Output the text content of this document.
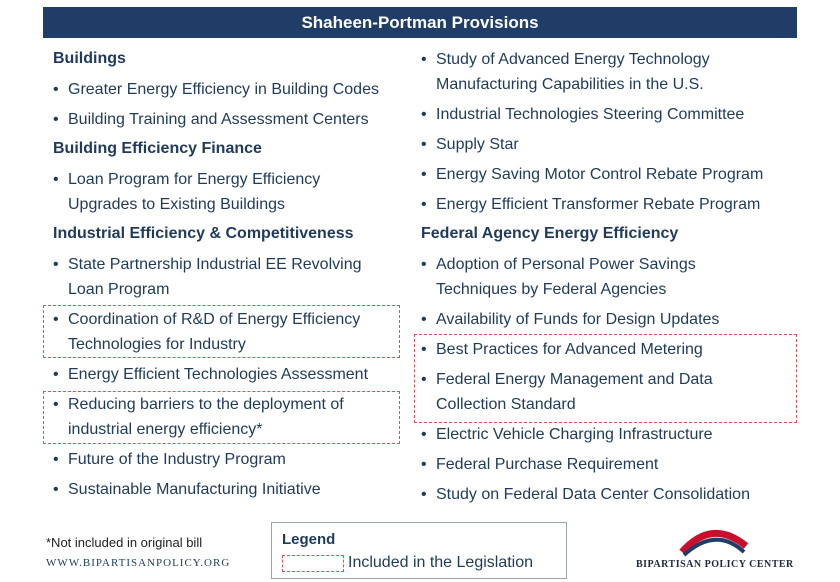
Shaheen-Portman Provisions
Buildings
• Greater Energy Efficiency in Building Codes
• Building Training and Assessment Centers
Building Efficiency Finance
• Loan Program for Energy Efficiency
Upgrades to Existing Buildings
Industrial Efficiency & Competitiveness
• State Partnership Industrial EE Revolving
Loan Program
• Coordination of R&D of Energy Efficiency
Technologies for Industry
• Energy Efficient Technologies Assessment
• Reducing barriers to the deployment of
industrial energy efficiency*
• Future of the Industry Program
• Sustainable Manufacturing Initiative
• Study of Advanced Energy Technology
Manufacturing Capabilities in the U.S.
• Industrial Technologies Steering Committee
• Supply Star
• Energy Saving Motor Control Rebate Program
• Energy Efficient Transformer Rebate Program
Federal Agency Energy Efficiency
• Adoption of Personal Power Savings
Techniques by Federal Agencies
• Availability of Funds for Design Updates
• Best Practices for Advanced Metering
• Federal Energy Management and Data
Collection Standard
• Electric Vehicle Charging Infrastructure
• Federal Purchase Requirement
• Study on Federal Data Center Consolidation
*Not included in original bill
WWW.BIPARTISANPOLICY.ORG
Legend
Included in the Legislation	BIPARTISAN POLICY CENTER
